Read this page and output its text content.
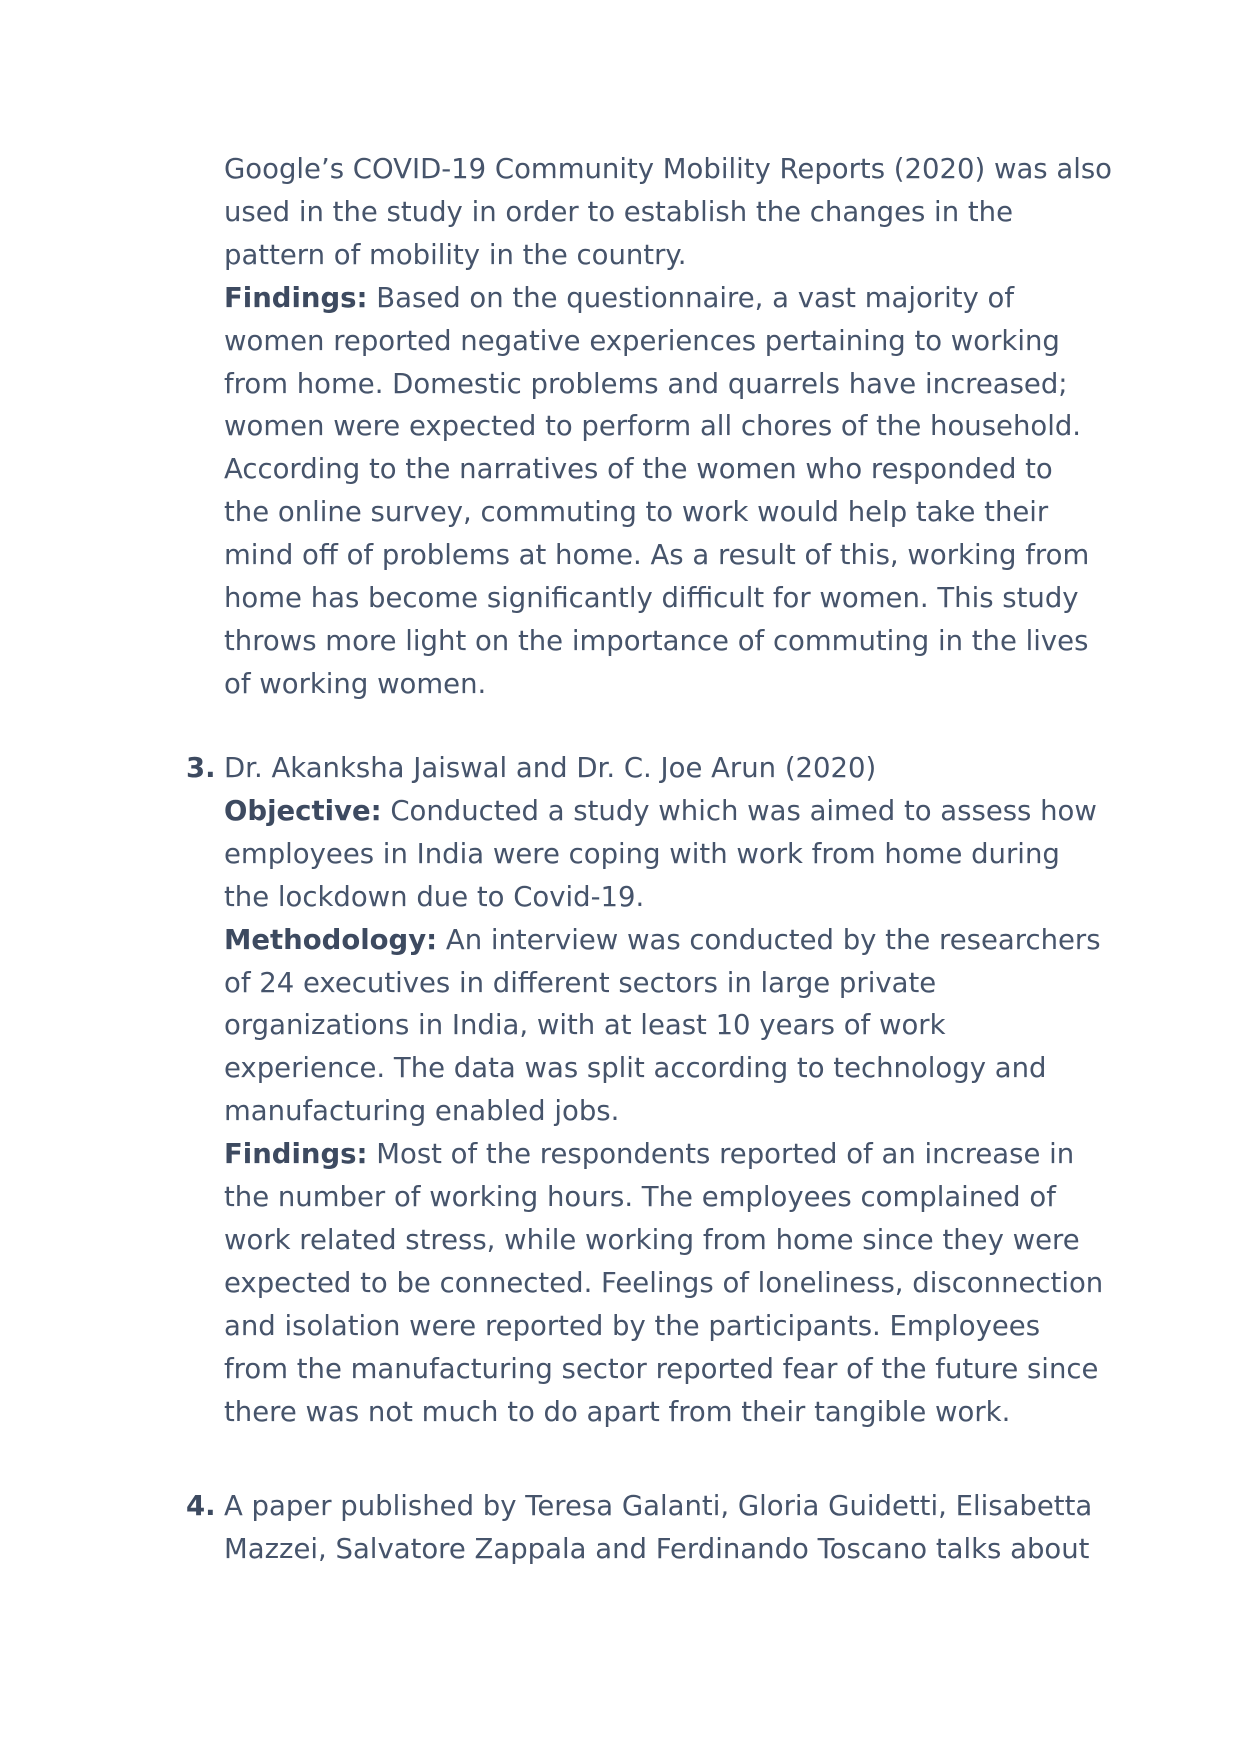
Google’s COVID-19 Community Mobility Reports (2020) was also
used in the study in order to establish the changes in the
pattern of mobility in the country.
Findings: Based on the questionnaire, a vast majority of
women reported negative experiences pertaining to working
from home. Domestic problems and quarrels have increased;
women were expected to perform all chores of the household.
According to the narratives of the women who responded to
the online survey, commuting to work would help take their
mind off of problems at home. As a result of this, working from
home has become significantly difficult for women. This study
throws more light on the importance of commuting in the lives
of working women.
3. Dr. Akanksha Jaiswal and Dr. C. Joe Arun (2020)
Objective: Conducted a study which was aimed to assess how
employees in India were coping with work from home during
the lockdown due to Covid-19.
Methodology: An interview was conducted by the researchers
of 24 executives in different sectors in large private
organizations in India, with at least 10 years of work
experience. The data was split according to technology and
manufacturing enabled jobs.
Findings: Most of the respondents reported of an increase in
the number of working hours. The employees complained of
work related stress, while working from home since they were
expected to be connected. Feelings of loneliness, disconnection
and isolation were reported by the participants. Employees
from the manufacturing sector reported fear of the future since
there was not much to do apart from their tangible work.
4. A paper published by Teresa Galanti, Gloria Guidetti, Elisabetta
Mazzei, Salvatore Zappala and Ferdinando Toscano talks about
